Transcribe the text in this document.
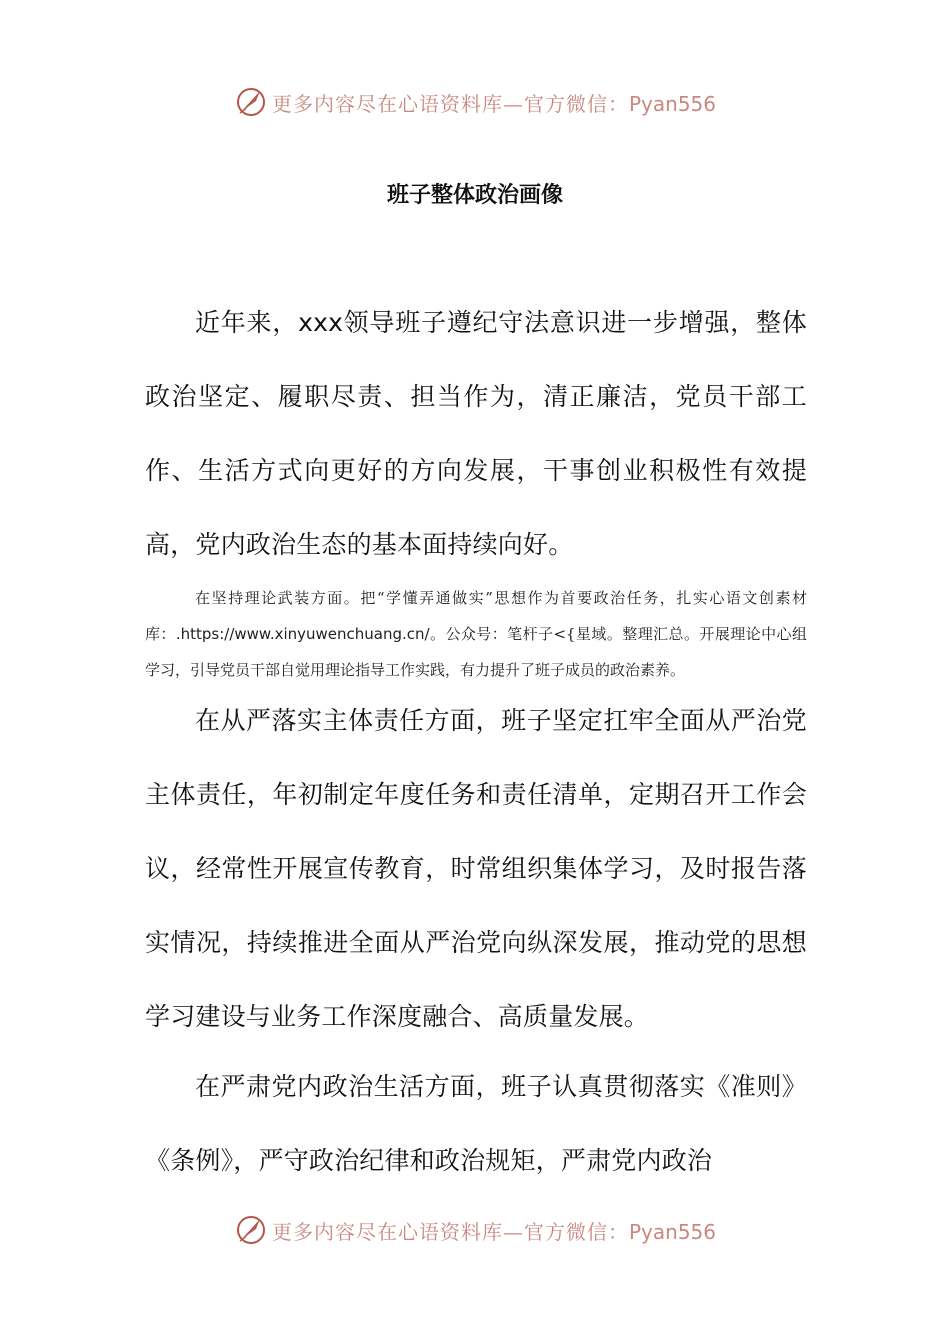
更多内容尽在心语资料库—官方微信：Pyan556
班子整体政治画像

近年来，xxx领导班子遵纪守法意识进一步增强，整体政治坚定、履职尽责、担当作为，清正廉洁，党员干部工作、生活方式向更好的方向发展，干事创业积极性有效提高，党内政治生态的基本面持续向好。

在坚持理论武装方面。把“学懂弄通做实”思想作为首要政治任务，扎实心语文创素材库：.https://www.xinyuwenchuang.cn/。公众号：笔杆子<{星域。整理汇总。开展理论中心组学习，引导党员干部自觉用理论指导工作实践，有力提升了班子成员的政治素养。

在从严落实主体责任方面，班子坚定扛牢全面从严治党主体责任，年初制定年度任务和责任清单，定期召开工作会议，经常性开展宣传教育，时常组织集体学习，及时报告落实情况，持续推进全面从严治党向纵深发展，推动党的思想学习建设与业务工作深度融合、高质量发展。

在严肃党内政治生活方面，班子认真贯彻落实《准则》《条例》，严守政治纪律和政治规矩，严肃党内政治

更多内容尽在心语资料库—官方微信：Pyan556
